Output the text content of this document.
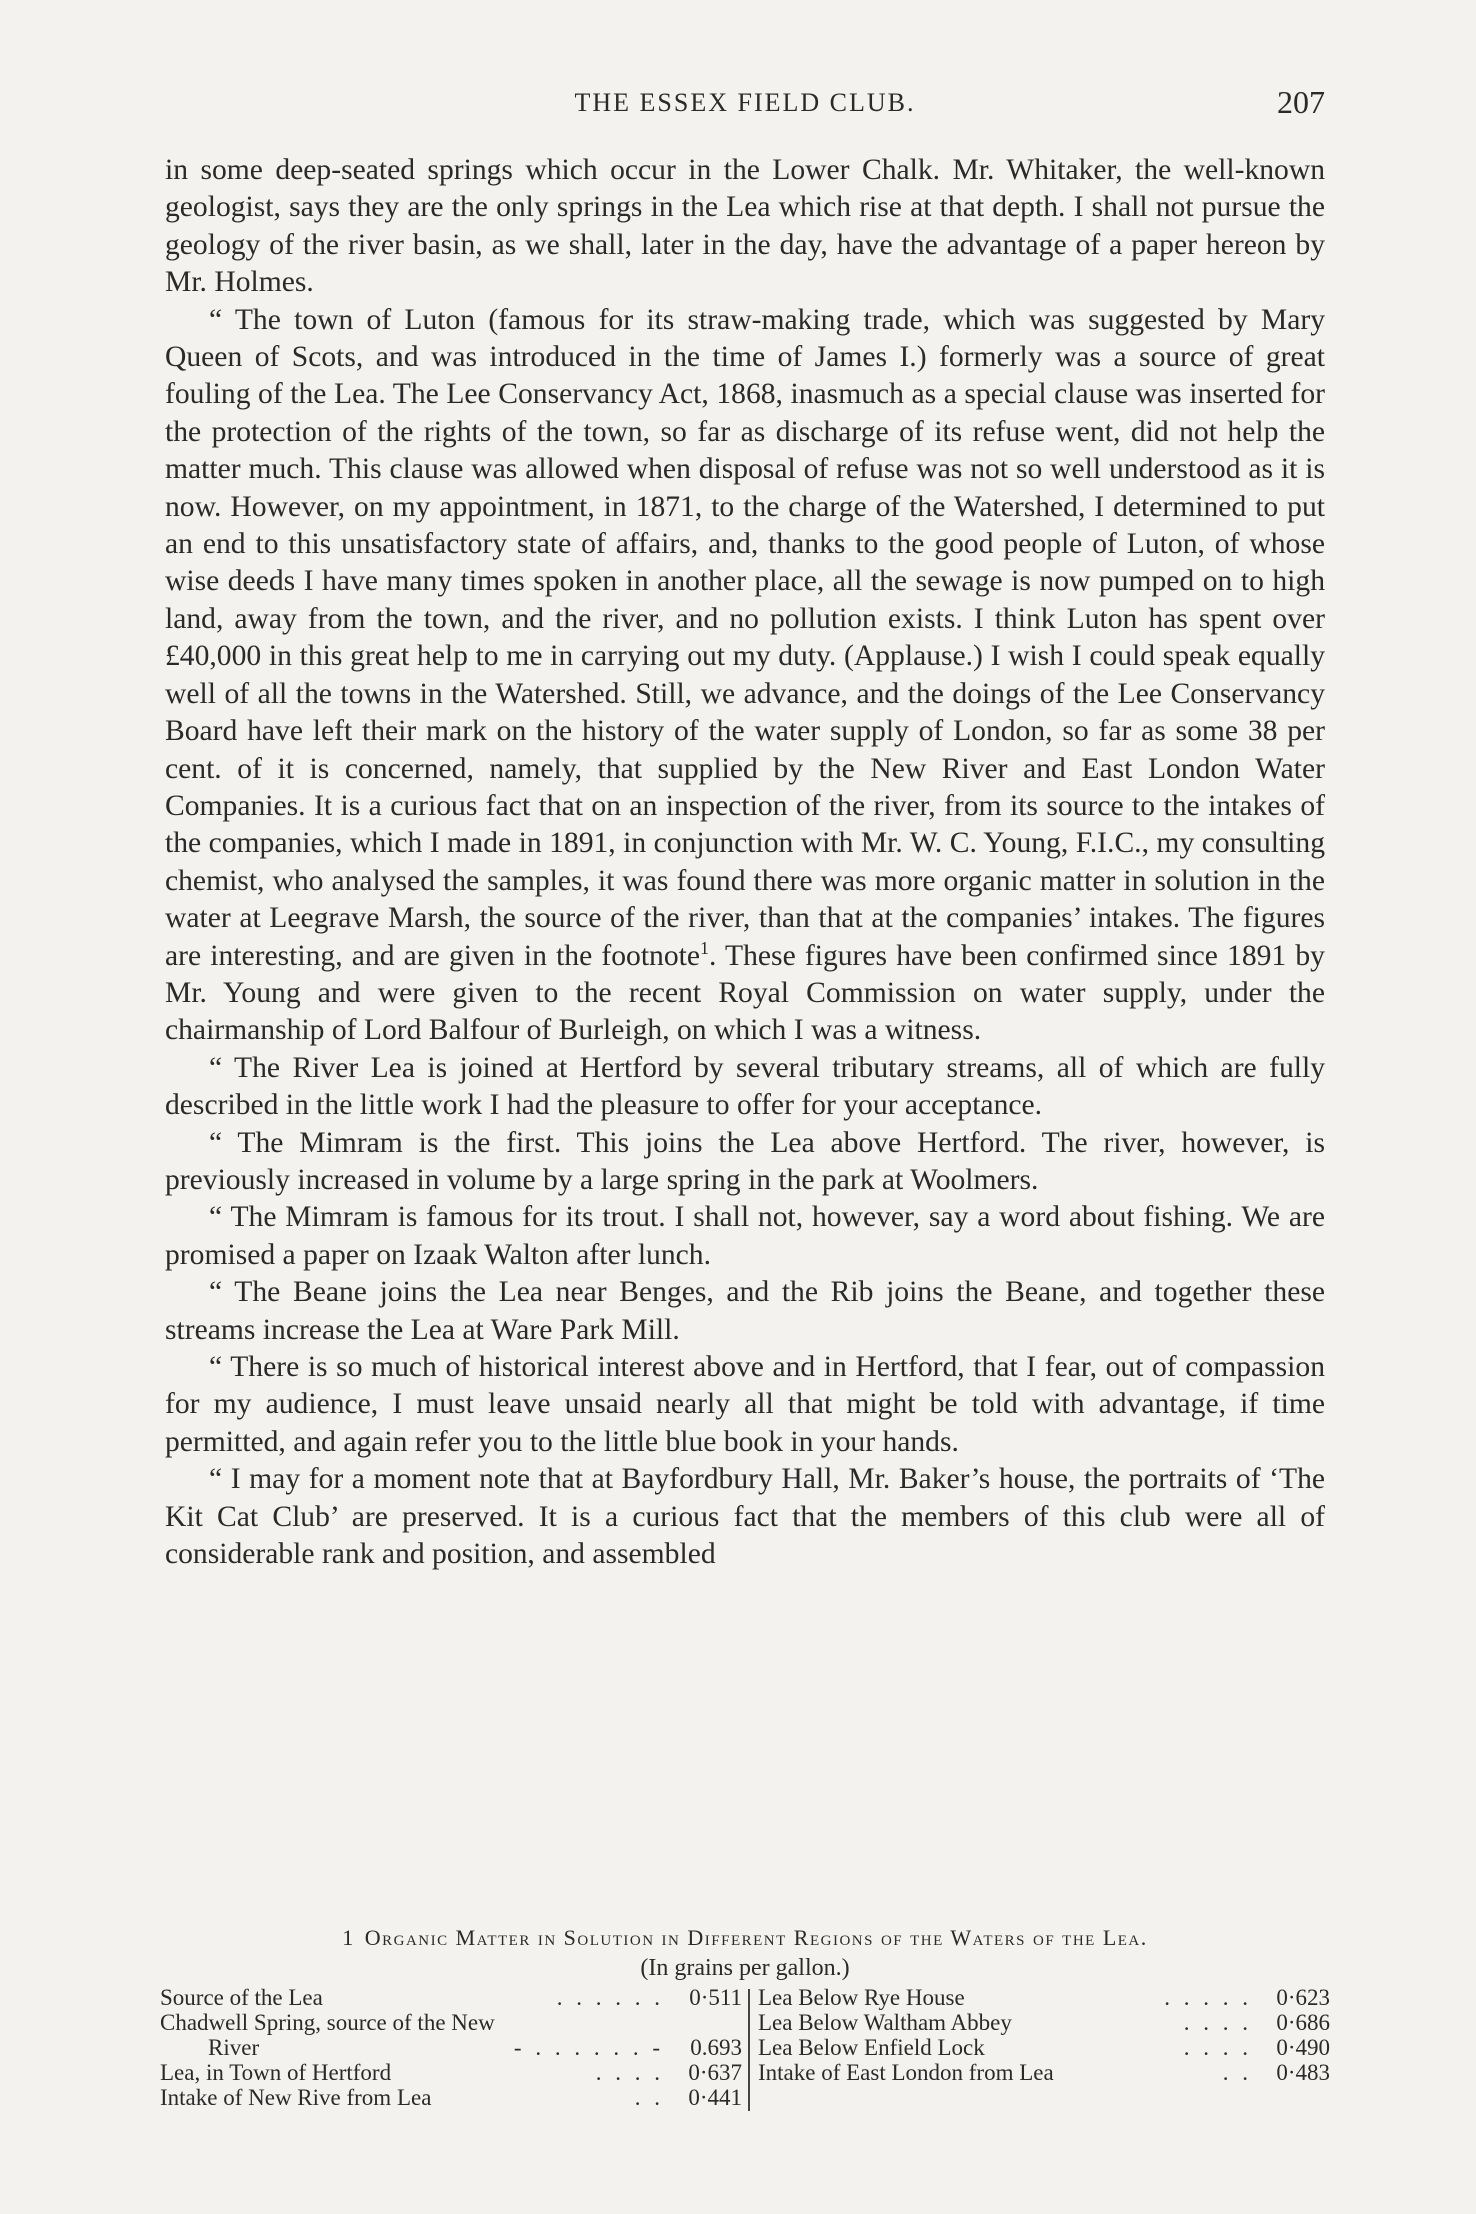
THE ESSEX FIELD CLUB.	207

in some deep-seated springs which occur in the Lower Chalk. Mr. Whitaker, the well-known geologist, says they are the only springs in the Lea which rise at that depth. I shall not pursue the geology of the river basin, as we shall, later in the day, have the advantage of a paper hereon by Mr. Holmes.

“ The town of Luton (famous for its straw-making trade, which was suggested by Mary Queen of Scots, and was introduced in the time of James I.) formerly was a source of great fouling of the Lea. The Lee Conservancy Act, 1868, inasmuch as a special clause was inserted for the protection of the rights of the town, so far as discharge of its refuse went, did not help the matter much. This clause was allowed when disposal of refuse was not so well understood as it is now. However, on my appointment, in 1871, to the charge of the Watershed, I determined to put an end to this unsatisfactory state of affairs, and, thanks to the good people of Luton, of whose wise deeds I have many times spoken in another place, all the sewage is now pumped on to high land, away from the town, and the river, and no pollution exists. I think Luton has spent over £40,000 in this great help to me in carrying out my duty. (Applause.) I wish I could speak equally well of all the towns in the Watershed. Still, we advance, and the doings of the Lee Conservancy Board have left their mark on the history of the water supply of London, so far as some 38 per cent. of it is concerned, namely, that supplied by the New River and East London Water Companies. It is a curious fact that on an inspection of the river, from its source to the intakes of the companies, which I made in 1891, in conjunction with Mr. W. C. Young, F.I.C., my consulting chemist, who analysed the samples, it was found there was more organic matter in solution in the water at Leegrave Marsh, the source of the river, than that at the companies’ intakes. The figures are interesting, and are given in the footnote$^1$. These figures have been confirmed since 1891 by Mr. Young and were given to the recent Royal Commission on water supply, under the chairmanship of Lord Balfour of Burleigh, on which I was a witness.

“ The River Lea is joined at Hertford by several tributary streams, all of which are fully described in the little work I had the pleasure to offer for your acceptance.

“ The Mimram is the first. This joins the Lea above Hertford. The river, however, is previously increased in volume by a large spring in the park at Woolmers.

“ The Mimram is famous for its trout. I shall not, however, say a word about fishing. We are promised a paper on Izaak Walton after lunch.

“ The Beane joins the Lea near Benges, and the Rib joins the Beane, and together these streams increase the Lea at Ware Park Mill.

“ There is so much of historical interest above and in Hertford, that I fear, out of compassion for my audience, I must leave unsaid nearly all that might be told with advantage, if time permitted, and again refer you to the little blue book in your hands.

“ I may for a moment note that at Bayfordbury Hall, Mr. Baker’s house, the portraits of ‘The Kit Cat Club’ are preserved. It is a curious fact that the members of this club were all of considerable rank and position, and assembled

1 Organic Matter in Solution in Different Regions of the Waters of the Lea.
(In grains per gallon.)
Source of the Lea	. . . . . .	0·511
Chadwell Spring, source of the New
River	- . . . . . . -	0.693
Lea, in Town of Hertford	. . . .	0·637
Intake of New Rive from Lea	. .	0·441
Lea Below Rye House	. . . . .	0·623
Lea Below Waltham Abbey	. . . .	0·686
Lea Below Enfield Lock	. . . .	0·490
Intake of East London from Lea	. .	0·483
